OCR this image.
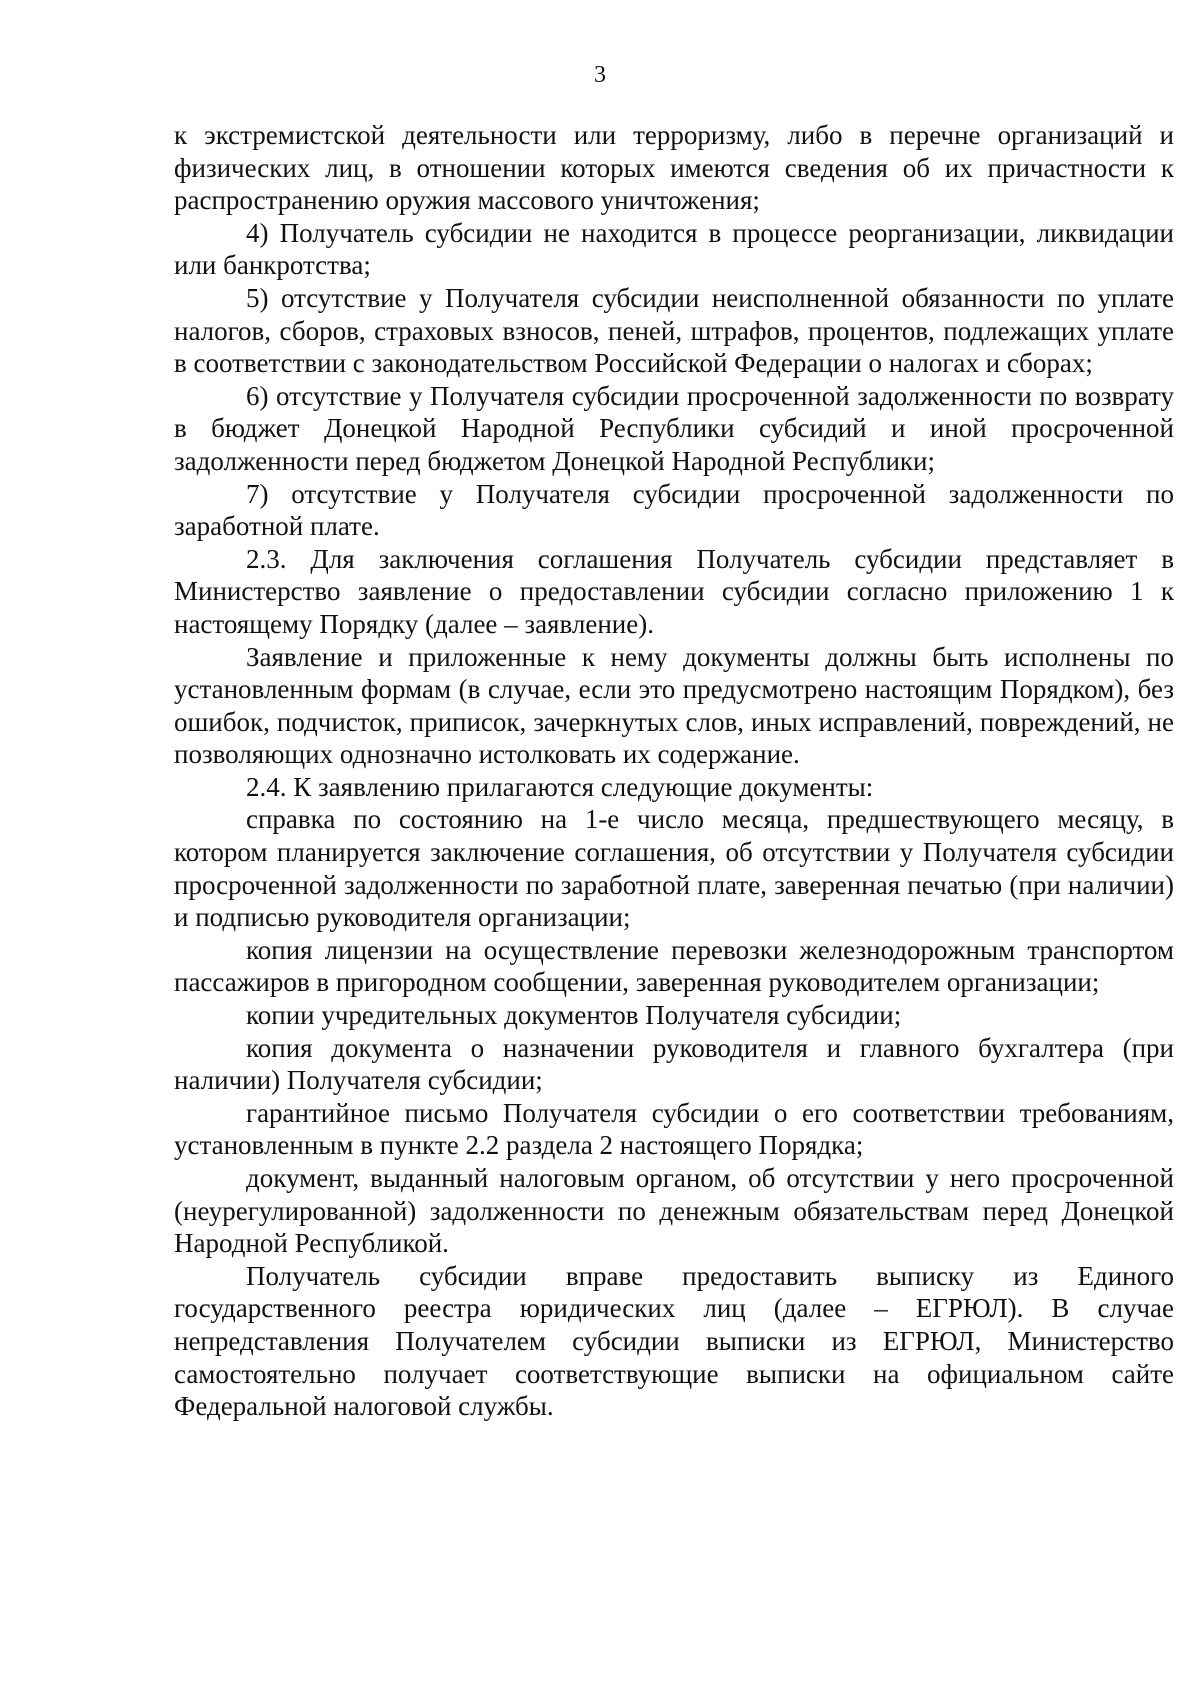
3

к экстремистской деятельности или терроризму, либо в перечне организаций и физических лиц, в отношении которых имеются сведения об их причастности к распространению оружия массового уничтожения;

4) Получатель субсидии не находится в процессе реорганизации, ликвидации или банкротства;

5) отсутствие у Получателя субсидии неисполненной обязанности по уплате налогов, сборов, страховых взносов, пеней, штрафов, процентов, подлежащих уплате в соответствии с законодательством Российской Федерации о налогах и сборах;

6) отсутствие у Получателя субсидии просроченной задолженности по возврату в бюджет Донецкой Народной Республики субсидий и иной просроченной задолженности перед бюджетом Донецкой Народной Республики;

7) отсутствие у Получателя субсидии просроченной задолженности по заработной плате.

2.3. Для заключения соглашения Получатель субсидии представляет в Министерство заявление о предоставлении субсидии согласно приложению 1 к настоящему Порядку (далее – заявление).

Заявление и приложенные к нему документы должны быть исполнены по установленным формам (в случае, если это предусмотрено настоящим Порядком), без ошибок, подчисток, приписок, зачеркнутых слов, иных исправлений, повреждений, не позволяющих однозначно истолковать их содержание.

2.4. К заявлению прилагаются следующие документы:

справка по состоянию на 1-е число месяца, предшествующего месяцу, в котором планируется заключение соглашения, об отсутствии у Получателя субсидии просроченной задолженности по заработной плате, заверенная печатью (при наличии) и подписью руководителя организации;

копия лицензии на осуществление перевозки железнодорожным транспортом пассажиров в пригородном сообщении, заверенная руководителем организации;

копии учредительных документов Получателя субсидии;

копия документа о назначении руководителя и главного бухгалтера (при наличии) Получателя субсидии;

гарантийное письмо Получателя субсидии о его соответствии требованиям, установленным в пункте 2.2 раздела 2 настоящего Порядка;

документ, выданный налоговым органом, об отсутствии у него просроченной (неурегулированной) задолженности по денежным обязательствам перед Донецкой Народной Республикой.

Получатель субсидии вправе предоставить выписку из Единого государственного реестра юридических лиц (далее – ЕГРЮЛ). В случае непредставления Получателем субсидии выписки из ЕГРЮЛ, Министерство самостоятельно получает соответствующие выписки на официальном сайте Федеральной налоговой службы.
